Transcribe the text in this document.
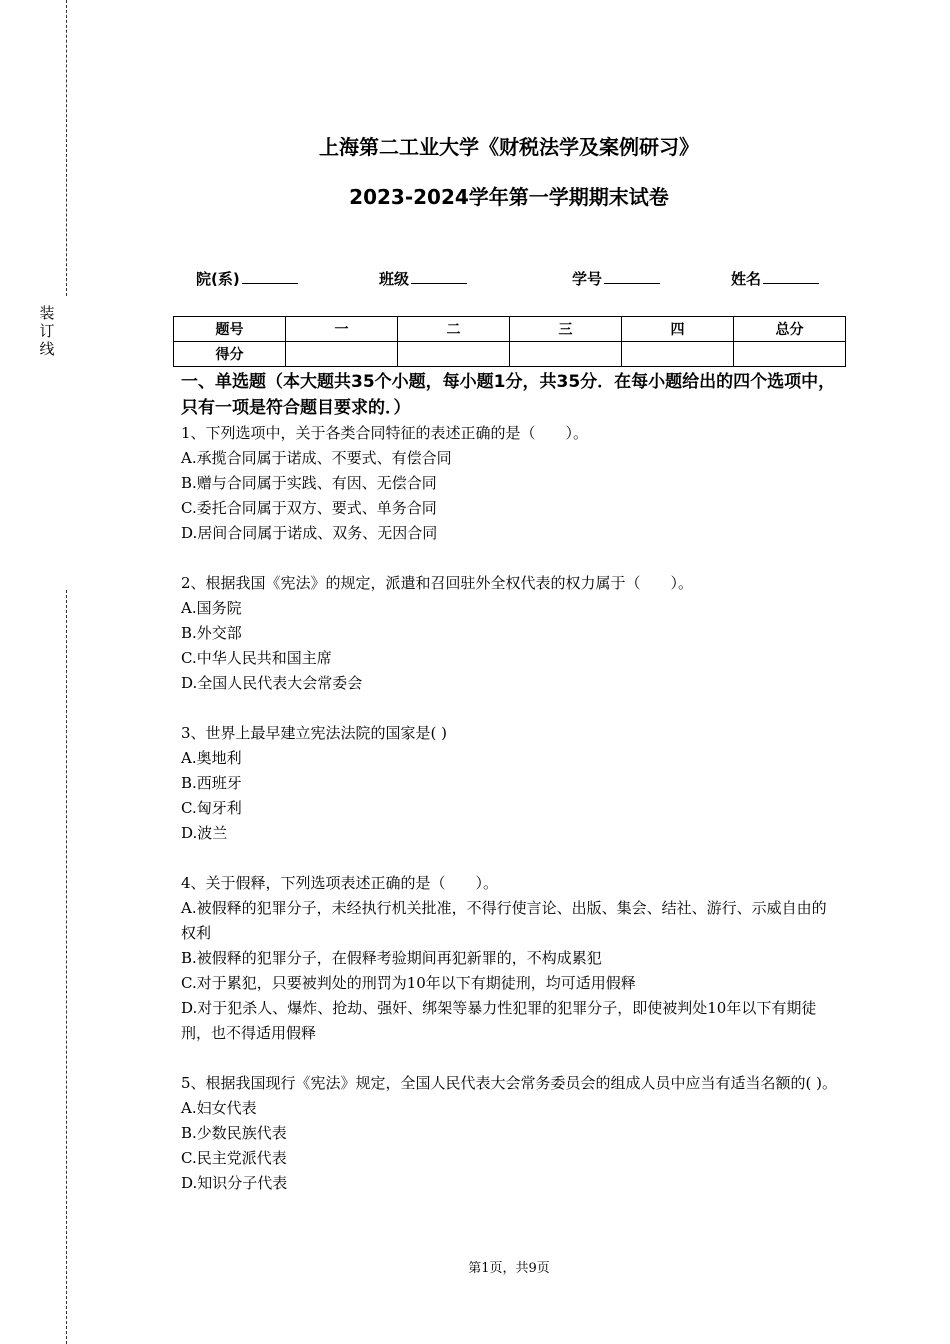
装
订
线
上海第二工业大学《财税法学及案例研习》
2023-2024学年第一学期期末试卷
院(系)	班级	学号	姓名
题号	一	二	三	四	总分
得分					
一、单选题（本大题共35个小题，每小题1分，共35分．在每小题给出的四个选项中，只有一项是符合题目要求的．）

1、下列选项中，关于各类合同特征的表述正确的是（　　）。

A.承揽合同属于诺成、不要式、有偿合同

B.赠与合同属于实践、有因、无偿合同

C.委托合同属于双方、要式、单务合同

D.居间合同属于诺成、双务、无因合同

2、根据我国《宪法》的规定，派遣和召回驻外全权代表的权力属于（　　）。

A.国务院

B.外交部

C.中华人民共和国主席

D.全国人民代表大会常委会

3、世界上最早建立宪法法院的国家是( )

A.奥地利

B.西班牙

C.匈牙利

D.波兰

4、关于假释，下列选项表述正确的是（　　）。

A.被假释的犯罪分子，未经执行机关批准，不得行使言论、出版、集会、结社、游行、示威自由的权利

B.被假释的犯罪分子，在假释考验期间再犯新罪的，不构成累犯

C.对于累犯，只要被判处的刑罚为10年以下有期徒刑，均可适用假释

D.对于犯杀人、爆炸、抢劫、强奸、绑架等暴力性犯罪的犯罪分子，即使被判处10年以下有期徒刑，也不得适用假释

5、根据我国现行《宪法》规定，全国人民代表大会常务委员会的组成人员中应当有适当名额的( )。

A.妇女代表

B.少数民族代表

C.民主党派代表

D.知识分子代表

第1页，共9页
